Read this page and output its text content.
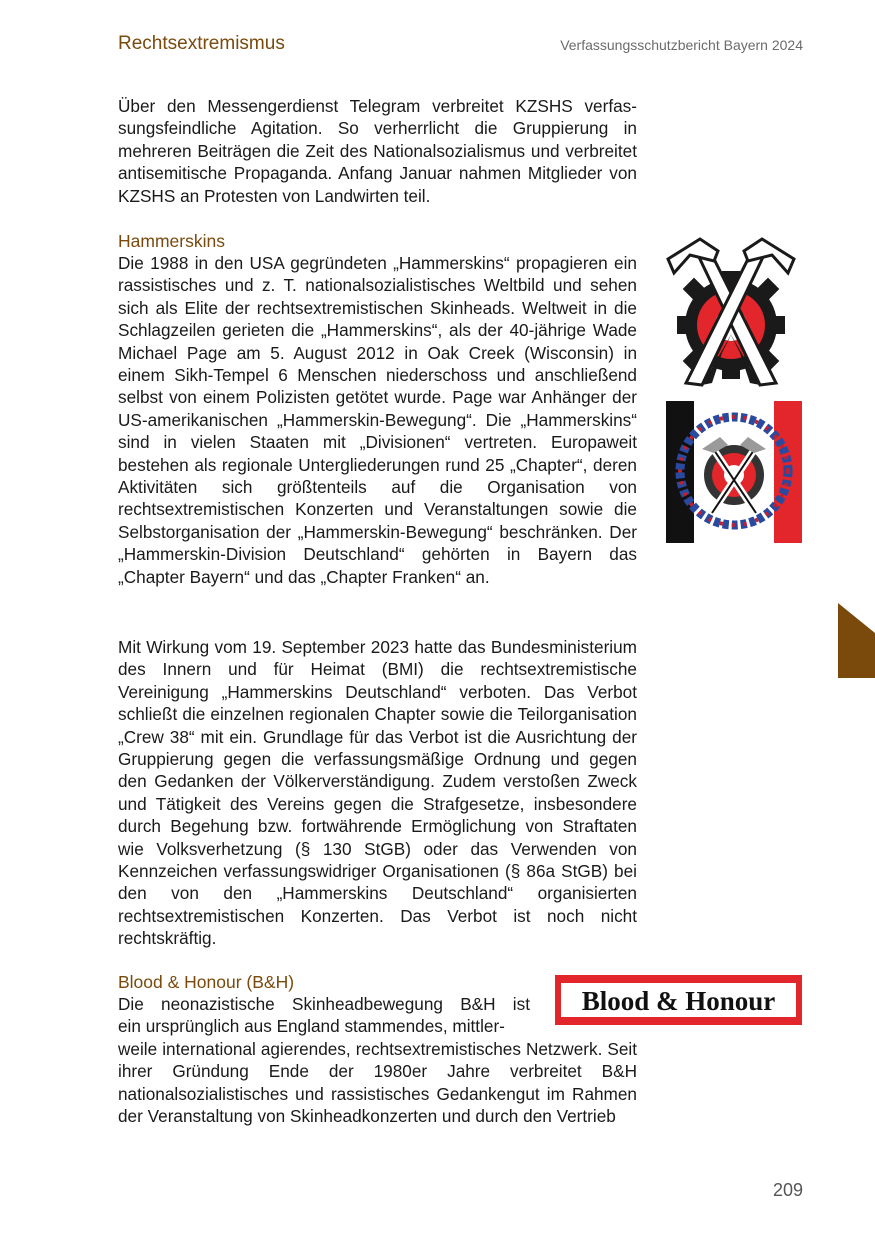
Rechtsextremismus	Verfassungsschutzbericht Bayern 2024

Über den Messengerdienst Telegram verbreitet KZSHS verfassungsfeindliche Agitation. So verherrlicht die Gruppierung in mehreren Beiträgen die Zeit des Nationalsozialismus und verbreitet antisemitische Propaganda. Anfang Januar nahmen Mitglieder von KZSHS an Protesten von Landwirten teil.

Hammerskins

Die 1988 in den USA gegründeten „Hammerskins“ propagieren ein rassistisches und z. T. nationalsozialistisches Weltbild und sehen sich als Elite der rechtsextremistischen Skinheads. Weltweit in die Schlagzeilen gerieten die „Hammerskins“, als der 40-jährige Wade Michael Page am 5. August 2012 in Oak Creek (Wisconsin) in einem Sikh-Tempel 6 Menschen niederschoss und anschließend selbst von einem Polizisten getötet wurde. Page war Anhänger der US-amerikanischen „Hammerskin-Bewegung“. Die „Hammerskins“ sind in vielen Staaten mit „Divisionen“ vertreten. Europaweit bestehen als regionale Untergliederungen rund 25 „Chapter“, deren Aktivitäten sich größtenteils auf die Organisation von rechtsextremistischen Konzerten und Veranstaltungen sowie die Selbstorganisation der „Hammerskin-Bewegung“ beschränken. Der „Hammerskin-Division Deutschland“ gehörten in Bayern das „Chapter Bayern“ und das „Chapter Franken“ an.

Mit Wirkung vom 19. September 2023 hatte das Bundesministerium des Innern und für Heimat (BMI) die rechtsextremistische Vereinigung „Hammerskins Deutschland“ verboten. Das Verbot schließt die einzelnen regionalen Chapter sowie die Teilorganisation „Crew 38“ mit ein. Grundlage für das Verbot ist die Ausrichtung der Gruppierung gegen die verfassungsmäßige Ordnung und gegen den Gedanken der Völkerverständigung. Zudem verstoßen Zweck und Tätigkeit des Vereins gegen die Strafgesetze, insbesondere durch Begehung bzw. fortwährende Ermöglichung von Straftaten wie Volksverhetzung (§ 130 StGB) oder das Verwenden von Kennzeichen verfassungswidriger Organisationen (§ 86a StGB) bei den von den „Hammerskins Deutschland“ organisierten rechtsextremistischen Konzerten. Das Verbot ist noch nicht rechtskräftig.

Blood & Honour (B&H)

Die neonazistische Skinheadbewegung B&H ist

ein ursprünglich aus England stammendes, mittler-

weile international agierendes, rechtsextremistisches Netzwerk. Seit ihrer Gründung Ende der 1980er Jahre verbreitet B&H nationalsozialistisches und rassistisches Gedankengut im Rahmen der Veranstaltung von Skinheadkonzerten und durch den Vertrieb

Blood & Honour
209
